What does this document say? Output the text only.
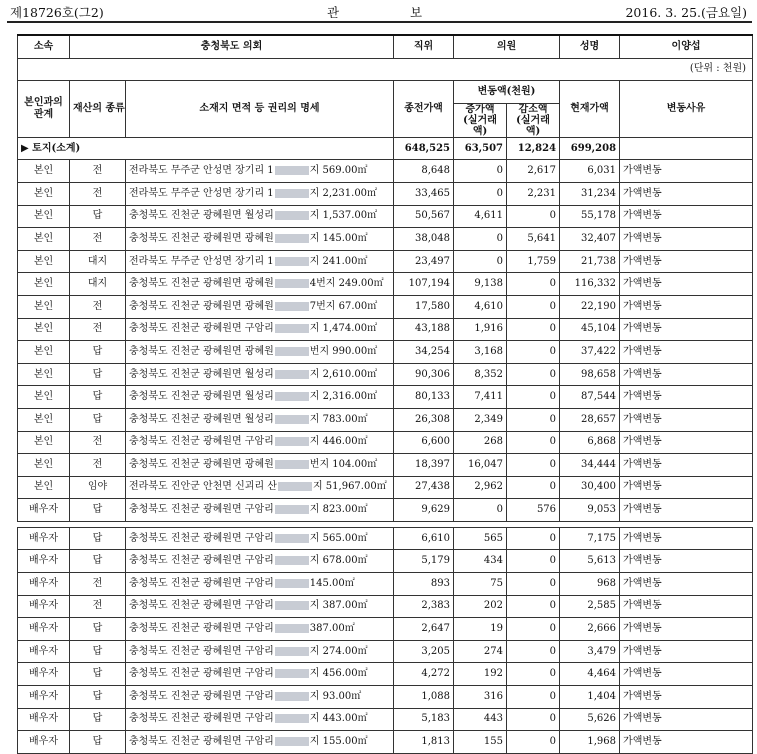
제18726호(그2)	관	보	2016. 3. 25.(금요일)
소속	충청북도 의회		직위	의원		성명	이양섭
(단위 : 천원)							
본인과의 관계	재산의 종류	소재지 면적 등 권리의 명세	종전가액	변동액(천원)		현재가액	변동사유
				증가액 (실거래액)	감소액 (실거래액)		
▶ 토지(소계)			648,525	63,507	12,824	699,208	
본인	전	전라북도 무주군 안성면 장기리 1 지 569.00㎡	8,648	0	2,617	6,031	가액변동
본인	전	전라북도 무주군 안성면 장기리 1 지 2,231.00㎡	33,465	0	2,231	31,234	가액변동
본인	답	충청북도 진천군 광혜원면 월성리 지 1,537.00㎡	50,567	4,611	0	55,178	가액변동
본인	전	충청북도 진천군 광혜원면 광혜원 지 145.00㎡	38,048	0	5,641	32,407	가액변동
본인	대지	전라북도 무주군 안성면 장기리 1 지 241.00㎡	23,497	0	1,759	21,738	가액변동
본인	대지	충청북도 진천군 광혜원면 광혜원 4번지 249.00㎡	107,194	9,138	0	116,332	가액변동
본인	전	충청북도 진천군 광혜원면 광혜원 7번지 67.00㎡	17,580	4,610	0	22,190	가액변동
본인	전	충청북도 진천군 광혜원면 구암리 지 1,474.00㎡	43,188	1,916	0	45,104	가액변동
본인	답	충청북도 진천군 광혜원면 광혜원 번지 990.00㎡	34,254	3,168	0	37,422	가액변동
본인	답	충청북도 진천군 광혜원면 월성리 지 2,610.00㎡	90,306	8,352	0	98,658	가액변동
본인	답	충청북도 진천군 광혜원면 월성리 지 2,316.00㎡	80,133	7,411	0	87,544	가액변동
본인	답	충청북도 진천군 광혜원면 월성리 지 783.00㎡	26,308	2,349	0	28,657	가액변동
본인	전	충청북도 진천군 광혜원면 구암리 지 446.00㎡	6,600	268	0	6,868	가액변동
본인	전	충청북도 진천군 광혜원면 광혜원 번지 104.00㎡	18,397	16,047	0	34,444	가액변동
본인	임야	전라북도 진안군 안천면 신괴리 산 지 51,967.00㎡	27,438	2,962	0	30,400	가액변동
배우자	답	충청북도 진천군 광혜원면 구암리 지 823.00㎡	9,629	0	576	9,053	가액변동

배우자	답	충청북도 진천군 광혜원면 구암리 지 565.00㎡	6,610	565	0	7,175	가액변동
배우자	답	충청북도 진천군 광혜원면 구암리 지 678.00㎡	5,179	434	0	5,613	가액변동
배우자	전	충청북도 진천군 광혜원면 구암리 145.00㎡	893	75	0	968	가액변동
배우자	전	충청북도 진천군 광혜원면 구암리 지 387.00㎡	2,383	202	0	2,585	가액변동
배우자	답	충청북도 진천군 광혜원면 구암리 387.00㎡	2,647	19	0	2,666	가액변동
배우자	답	충청북도 진천군 광혜원면 구암리 지 274.00㎡	3,205	274	0	3,479	가액변동
배우자	답	충청북도 진천군 광혜원면 구암리 지 456.00㎡	4,272	192	0	4,464	가액변동
배우자	답	충청북도 진천군 광혜원면 구암리 지 93.00㎡	1,088	316	0	1,404	가액변동
배우자	답	충청북도 진천군 광혜원면 구암리 지 443.00㎡	5,183	443	0	5,626	가액변동
배우자	답	충청북도 진천군 광혜원면 구암리 지 155.00㎡	1,813	155	0	1,968	가액변동
